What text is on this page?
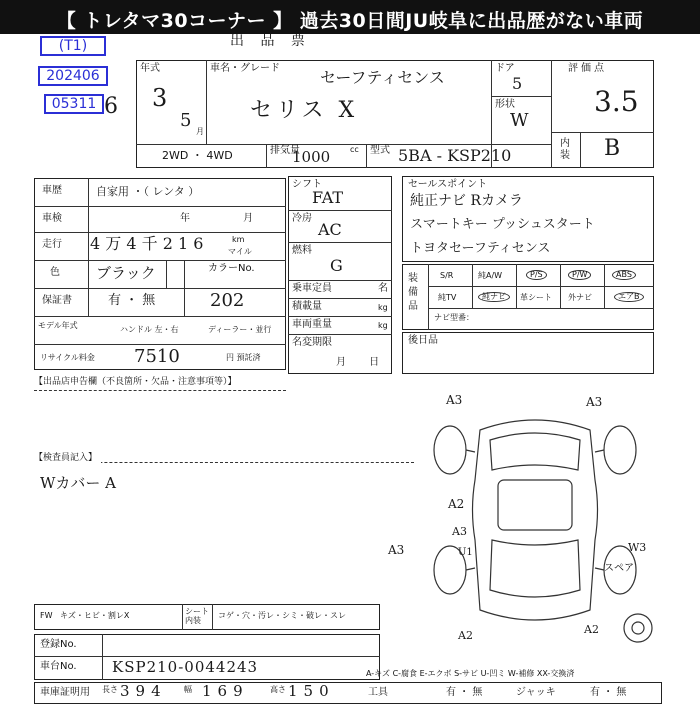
【 トレタマ30コーナー 】 過去30日間JU岐阜に出品歴がない車両
出 品 票
(T1)
202406
05311 6
年式
3
5
月
車名・グレード	セーフティセンス
セリス X
ドア
5
形状
W
評価点
3.5
内装 B
2WD ・ 4WD	排気量	cc
1000	型式 5BA - KSP210
車歴	自家用 ・（ レンタ ）
車検	年 月
走行 4 万 4 千 2 1 6	km
マイル
色 ブラック	カラーNo.
保証書	有 ・ 無	202
モデル年式	ハンドル 左・右	ディーラー・並行
リサイクル料金 7510	円 預託済
シフト
FAT
冷房
AC
燃料
G
乗車定員	名
積載量	kg
車両重量	kg
名変期限
月 日
セールスポイント
純正ナビ Rカメラ
スマートキー プッシュスタート
トヨタセーフティセンス
装備品
S/R	純A/W	P/S	P/W	ABS
純TV	純ナビ	革シート 外ナビ	エアB
ナビ型番：
後日品
【出品店申告欄（不良箇所・欠品・注意事項等）】
【検査員記入】
Wカバー A
A3	A3
A2
A3
A3	U1	W3
A2	A2
スペア
FW キズ・ヒビ・割レX	シート内装
コゲ・穴・汚レ・シミ・破レ・スレ
登録No.
車台No. KSP210-0044243	A-キズ C-腐食 E-エクボ S-サビ U-凹ミ W-補修 XX-交換済
車庫証明用 長さ 394 幅 169	高さ 150	工具	有 ・ 無	ジャッキ	有 ・ 無
